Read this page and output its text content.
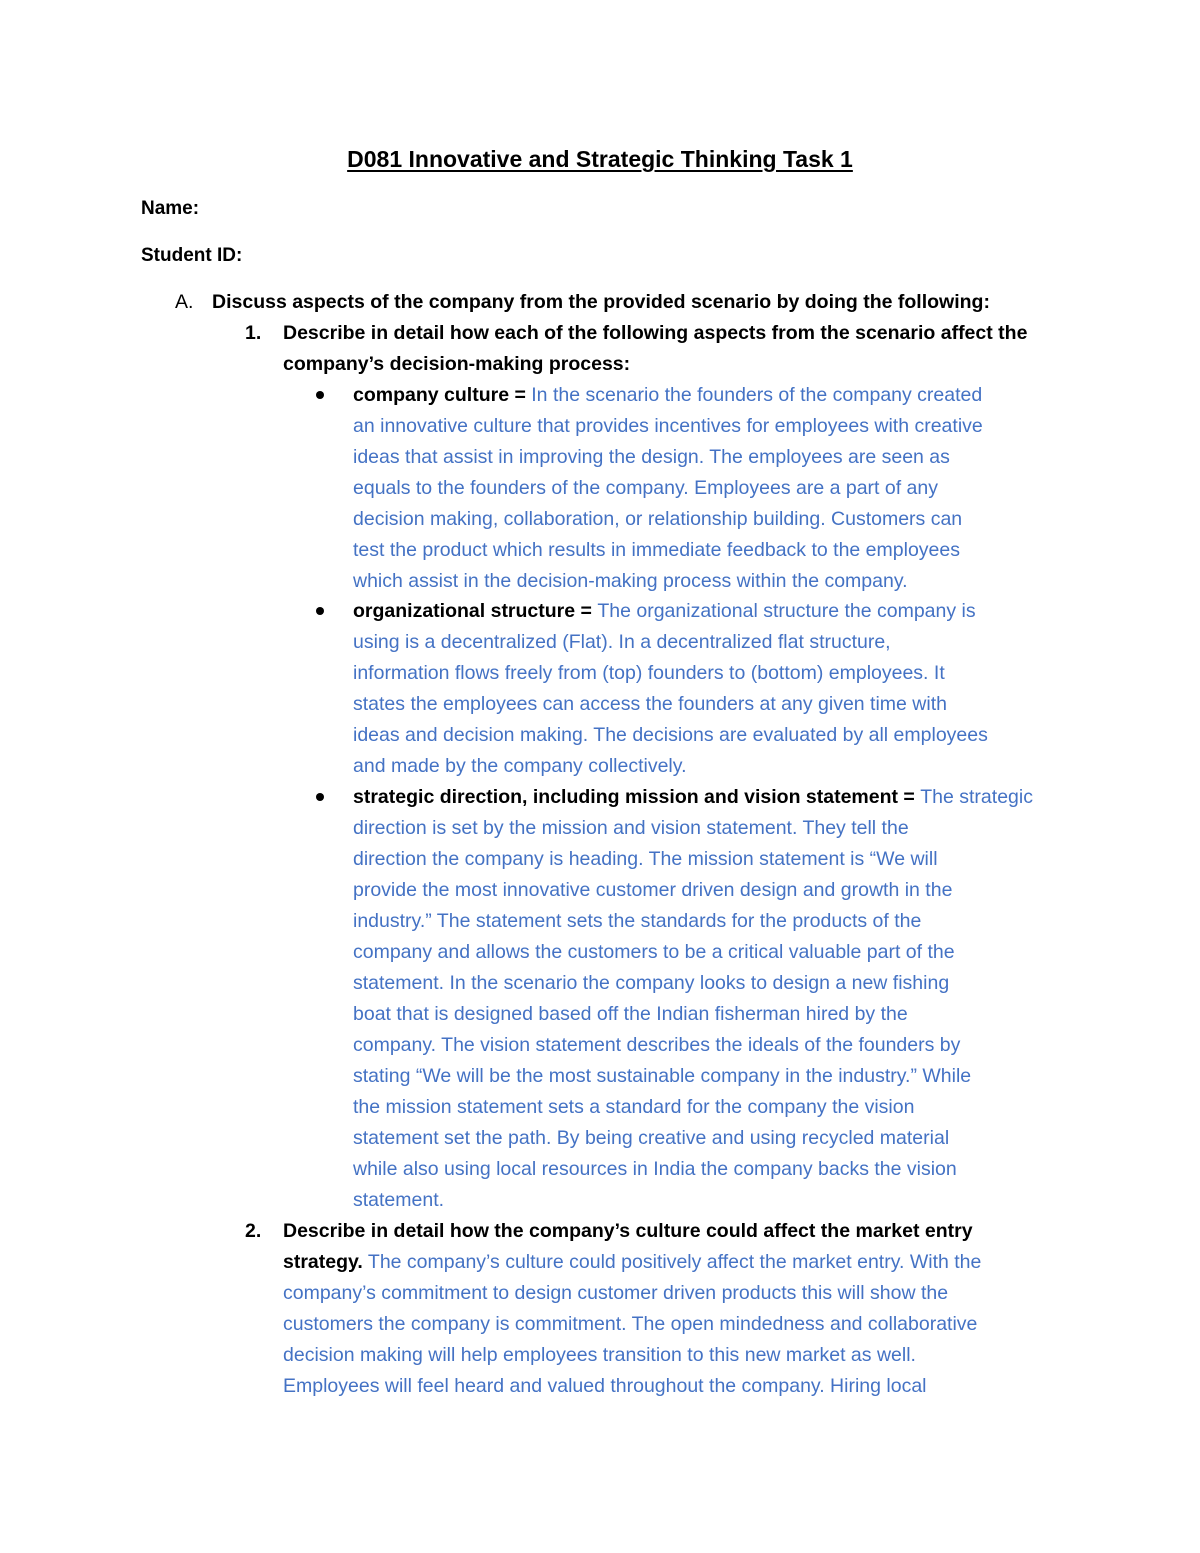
D081 Innovative and Strategic Thinking Task 1
Name:
Student ID:
A. Discuss aspects of the company from the provided scenario by doing the following:
1. Describe in detail how each of the following aspects from the scenario affect the
company’s decision-making process:
company culture = In the scenario the founders of the company created
an innovative culture that provides incentives for employees with creative
ideas that assist in improving the design. The employees are seen as
equals to the founders of the company. Employees are a part of any
decision making, collaboration, or relationship building. Customers can
test the product which results in immediate feedback to the employees
which assist in the decision-making process within the company.
organizational structure = The organizational structure the company is
using is a decentralized (Flat). In a decentralized flat structure,
information flows freely from (top) founders to (bottom) employees. It
states the employees can access the founders at any given time with
ideas and decision making. The decisions are evaluated by all employees
and made by the company collectively.
strategic direction, including mission and vision statement = The strategic
direction is set by the mission and vision statement. They tell the
direction the company is heading. The mission statement is “We will
provide the most innovative customer driven design and growth in the
industry.” The statement sets the standards for the products of the
company and allows the customers to be a critical valuable part of the
statement. In the scenario the company looks to design a new fishing
boat that is designed based off the Indian fisherman hired by the
company. The vision statement describes the ideals of the founders by
stating “We will be the most sustainable company in the industry.” While
the mission statement sets a standard for the company the vision
statement set the path. By being creative and using recycled material
while also using local resources in India the company backs the vision
statement.
2. Describe in detail how the company’s culture could affect the market entry
strategy. The company’s culture could positively affect the market entry. With the
company’s commitment to design customer driven products this will show the
customers the company is commitment. The open mindedness and collaborative
decision making will help employees transition to this new market as well.
Employees will feel heard and valued throughout the company. Hiring local
